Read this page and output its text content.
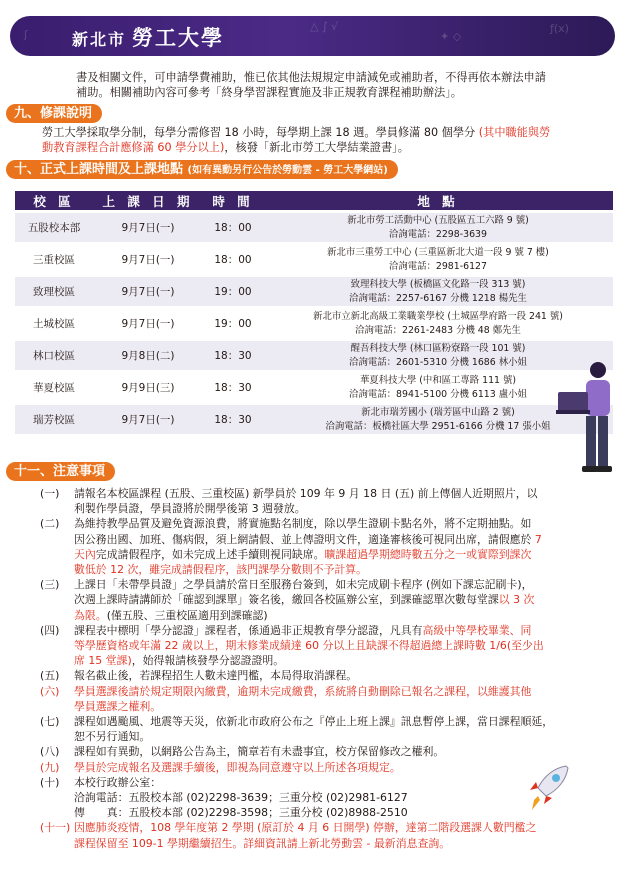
ʃ
△ ∫ √
✦ ◇
ƒ(x)
新北市 勞工大學
書及相關文件，可申請學費補助，惟已依其他法規規定申請減免或補助者，不得再依本辦法申請
補助。相關補助內容可參考「終身學習課程實施及非正規教育課程補助辦法」。
九、修課說明
勞工大學採取學分制，每學分需修習 18 小時，每學期上課 18 週。學員修滿 80 個學分 (其中職能與勞
動教育課程合計應修滿 60 學分以上)，核發「新北市勞工大學結業證書」。
十、正式上課時間及上課地點 (如有異動另行公告於勞動雲 - 勞工大學網站)
校 區	上 課 日 期	時 間	地 點
五股校本部	9月7日(一)	18：00	新北市勞工活動中心 (五股區五工六路 9 號)
洽詢電話：2298-3639

三重校區	9月7日(一)	18：00	新北市三重勞工中心 (三重區新北大道一段 9 號 7 樓)
洽詢電話：2981-6127

致理校區	9月7日(一)	19：00	致理科技大學 (板橋區文化路一段 313 號)
洽詢電話：2257-6167 分機 1218 楊先生

土城校區	9月7日(一)	19：00	新北市立新北高級工業職業學校 (土城區學府路一段 241 號)
洽詢電話：2261-2483 分機 48 鄭先生

林口校區	9月8日(二)	18：30	醒吾科技大學 (林口區粉寮路一段 101 號)
洽詢電話：2601-5310 分機 1686 林小姐

華夏校區	9月9日(三)	18：30	華夏科技大學 (中和區工專路 111 號)
洽詢電話：8941-5100 分機 6113 盧小姐

瑞芳校區	9月7日(一)	18：30	新北市瑞芳國小 (瑞芳區中山路 2 號)
洽詢電話：板橋社區大學 2951-6166 分機 17 張小姐
十一、注意事項
(一)	請報名本校區課程 (五股、三重校區) 新學員於 109 年 9 月 18 日 (五) 前上傳個人近期照片，以
利製作學員證，學員證將於開學後第 3 週發放。
(二)	為維持教學品質及避免資源浪費，將實施點名制度，除以學生證刷卡點名外，將不定期抽點。如
因公務出國、加班、傷病假，須上網請假、並上傳證明文件，適逢審核後可視同出席，請假應於 7
天內完成請假程序，如未完成上述手續則視同缺席。曠課超過學期總時數五分之一或實際到課次
數低於 12 次，雖完成請假程序，該門課學分數則不予計算。
(三)	上課日「未帶學員證」之學員請於當日至服務台簽到，如未完成刷卡程序 (例如下課忘記刷卡)，
次週上課時請講師於「確認到課單」簽名後，繳回各校區辦公室，到課確認單次數每堂課以 3 次
為限。(僅五股、三重校區適用到課確認)
(四)	課程表中標明「學分認證」課程者，係通過非正規教育學分認證，凡具有高級中等學校畢業、同
等學歷資格或年滿 22 歲以上，期末修業成績達 60 分以上且缺課不得超過總上課時數 1/6(至少出
席 15 堂課)，始得報請核發學分認證證明。
(五)	報名截止後，若課程招生人數未達門檻，本局得取消課程。
(六)	學員選課後請於規定期限內繳費，逾期未完成繳費，系統將自動刪除已報名之課程，以維護其他
學員選課之權利。
(七)	課程如遇颱風、地震等天災，依新北市政府公布之『停止上班上課』訊息暫停上課，當日課程順延，
恕不另行通知。
(八)	課程如有異動，以網路公告為主，簡章若有未盡事宜，校方保留修改之權利。
(九)	學員於完成報名及選課手續後，即視為同意遵守以上所述各項規定。
(十)	本校行政辦公室：
洽詢電話：五股校本部 (02)2298-3639；三重分校 (02)2981-6127
傳　　真：五股校本部 (02)2298-3598；三重分校 (02)8988-2510
(十一) 因應肺炎疫情，108 學年度第 2 學期 (原訂於 4 月 6 日開學) 停辦，達第二階段選課人數門檻之
課程保留至 109-1 學期繼續招生。詳細資訊請上新北勞動雲 - 最新消息查詢。
